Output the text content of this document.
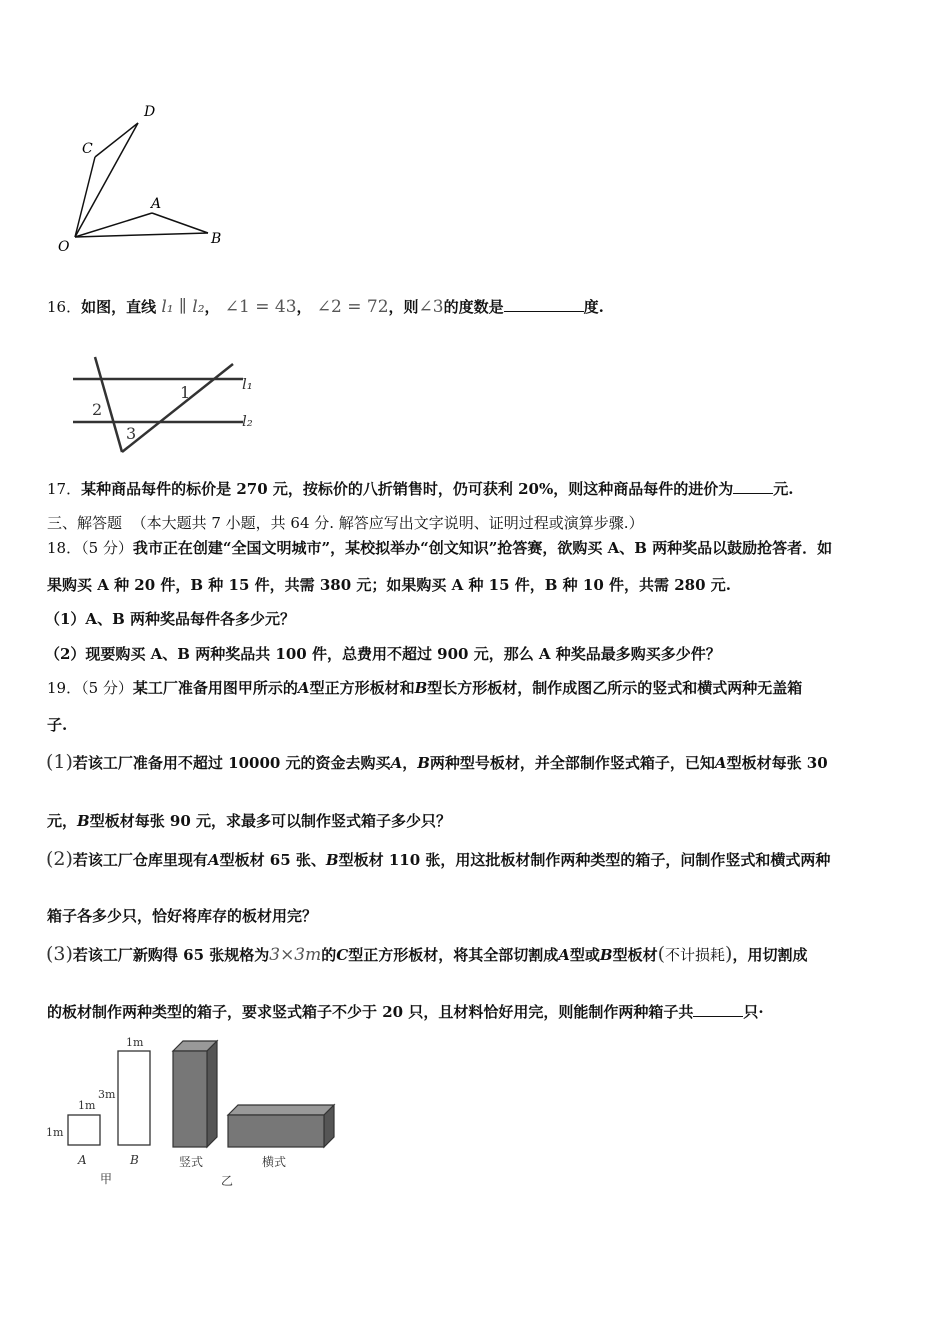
D
C
A
O	B
16．如图，直线 l₁ ∥ l₂， ∠1 = 43， ∠2 = 72，则∠3的度数是	度.
l₁
l₂
1
2
3
17．某种商品每件的标价是 270 元，按标价的八折销售时，仍可获利 20%，则这种商品每件的进价为	元.
三、解答题 （本大题共 7 小题，共 64 分. 解答应写出文字说明、证明过程或演算步骤.）
18．（5 分）我市正在创建“全国文明城市”，某校拟举办“创文知识”抢答赛，欲购买 A、B 两种奖品以鼓励抢答者．如
果购买 A 种 20 件，B 种 15 件，共需 380 元；如果购买 A 种 15 件，B 种 10 件，共需 280 元.
（1）A、B 两种奖品每件各多少元？
（2）现要购买 A、B 两种奖品共 100 件，总费用不超过 900 元，那么 A 种奖品最多购买多少件？
19．（5 分）某工厂准备用图甲所示的A型正方形板材和B型长方形板材，制作成图乙所示的竖式和横式两种无盖箱
子.
(1)若该工厂准备用不超过 10000 元的资金去购买A，B两种型号板材，并全部制作竖式箱子，已知A型板材每张 30
元，B型板材每张 90 元，求最多可以制作竖式箱子多少只？
(2)若该工厂仓库里现有A型板材 65 张、B型板材 110 张，用这批板材制作两种类型的箱子，问制作竖式和横式两种
箱子各多少只，恰好将库存的板材用完？
(3)若该工厂新购得 65 张规格为3×3m的C型正方形板材，将其全部切割成A型或B型板材(不计损耗)，用切割成
的板材制作两种类型的箱子，要求竖式箱子不少于 20 只，且材料恰好用完，则能制作两种箱子共	只·
1m
1m
A
1m
3m
B
甲
竖式	横式
乙
